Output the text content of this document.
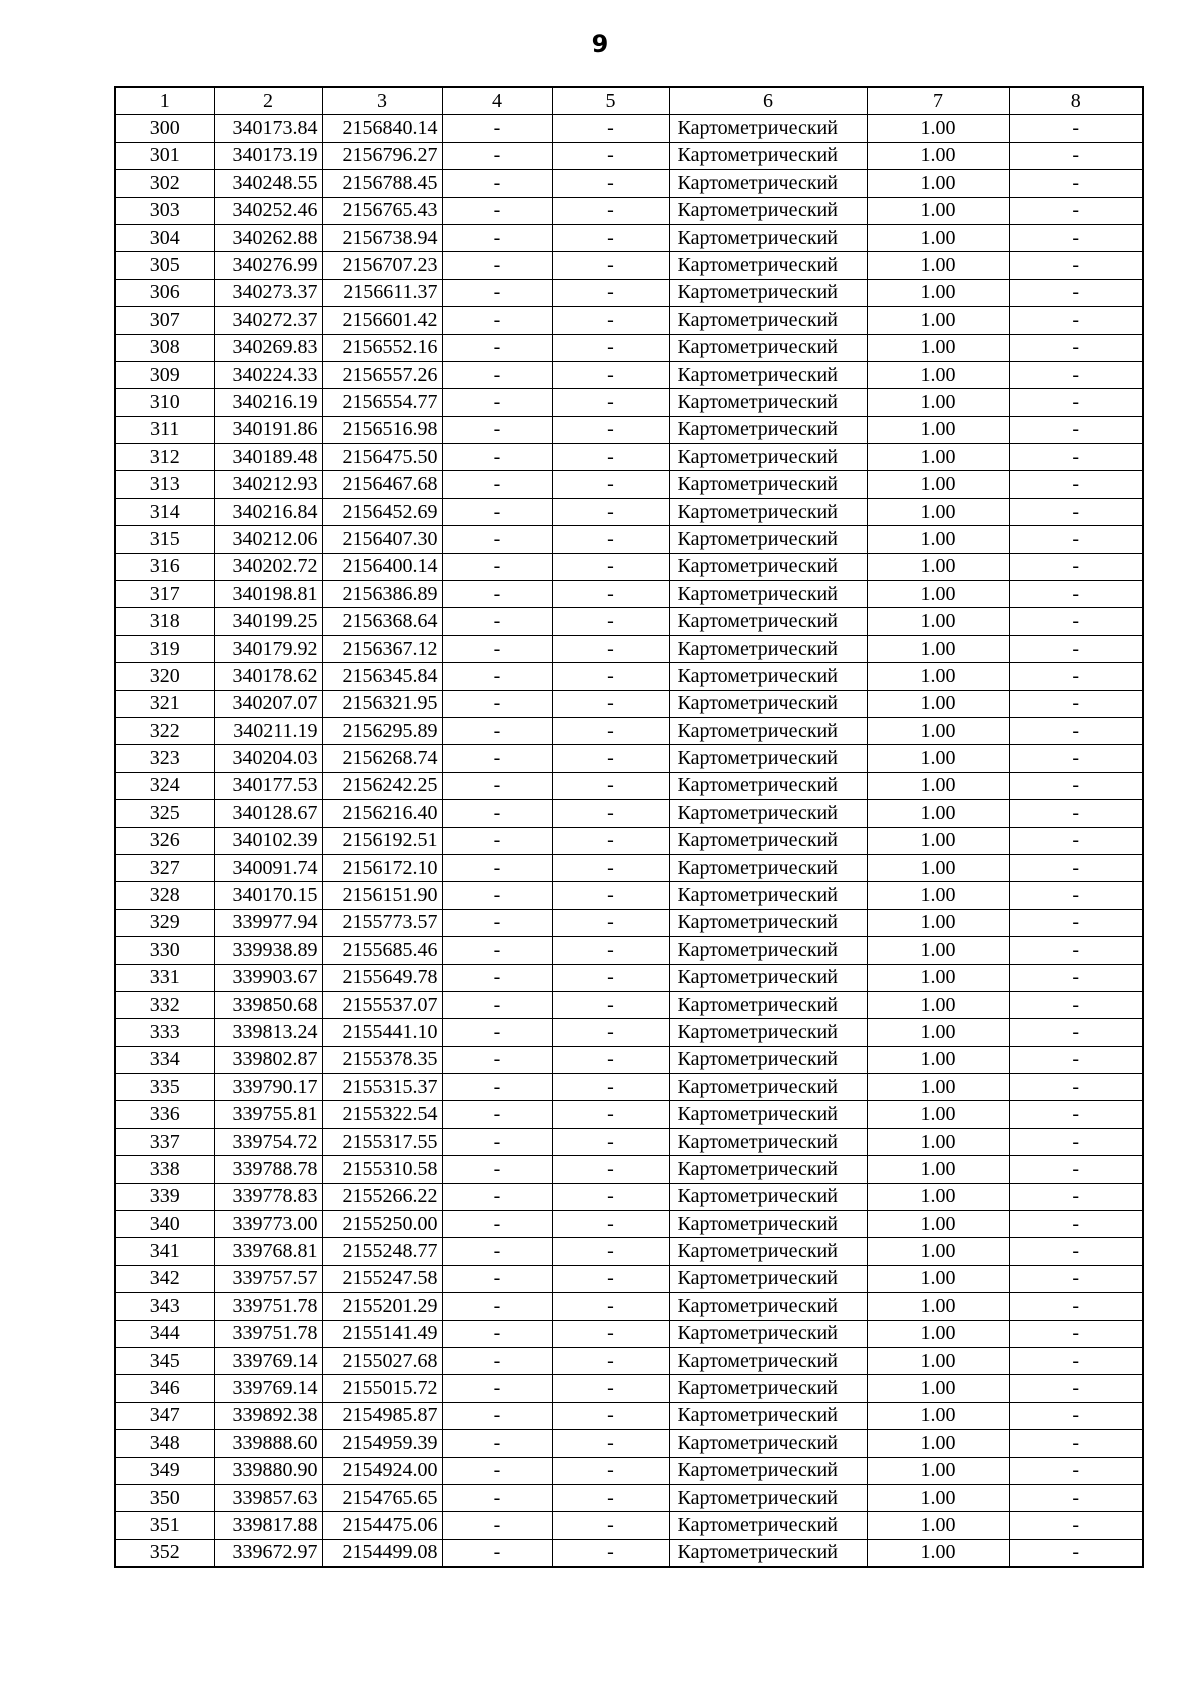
9
1	2	3	4	5	6	7	8
300	340173.84	2156840.14	-	-	Картометрический	1.00	-
301	340173.19	2156796.27	-	-	Картометрический	1.00	-
302	340248.55	2156788.45	-	-	Картометрический	1.00	-
303	340252.46	2156765.43	-	-	Картометрический	1.00	-
304	340262.88	2156738.94	-	-	Картометрический	1.00	-
305	340276.99	2156707.23	-	-	Картометрический	1.00	-
306	340273.37	2156611.37	-	-	Картометрический	1.00	-
307	340272.37	2156601.42	-	-	Картометрический	1.00	-
308	340269.83	2156552.16	-	-	Картометрический	1.00	-
309	340224.33	2156557.26	-	-	Картометрический	1.00	-
310	340216.19	2156554.77	-	-	Картометрический	1.00	-
311	340191.86	2156516.98	-	-	Картометрический	1.00	-
312	340189.48	2156475.50	-	-	Картометрический	1.00	-
313	340212.93	2156467.68	-	-	Картометрический	1.00	-
314	340216.84	2156452.69	-	-	Картометрический	1.00	-
315	340212.06	2156407.30	-	-	Картометрический	1.00	-
316	340202.72	2156400.14	-	-	Картометрический	1.00	-
317	340198.81	2156386.89	-	-	Картометрический	1.00	-
318	340199.25	2156368.64	-	-	Картометрический	1.00	-
319	340179.92	2156367.12	-	-	Картометрический	1.00	-
320	340178.62	2156345.84	-	-	Картометрический	1.00	-
321	340207.07	2156321.95	-	-	Картометрический	1.00	-
322	340211.19	2156295.89	-	-	Картометрический	1.00	-
323	340204.03	2156268.74	-	-	Картометрический	1.00	-
324	340177.53	2156242.25	-	-	Картометрический	1.00	-
325	340128.67	2156216.40	-	-	Картометрический	1.00	-
326	340102.39	2156192.51	-	-	Картометрический	1.00	-
327	340091.74	2156172.10	-	-	Картометрический	1.00	-
328	340170.15	2156151.90	-	-	Картометрический	1.00	-
329	339977.94	2155773.57	-	-	Картометрический	1.00	-
330	339938.89	2155685.46	-	-	Картометрический	1.00	-
331	339903.67	2155649.78	-	-	Картометрический	1.00	-
332	339850.68	2155537.07	-	-	Картометрический	1.00	-
333	339813.24	2155441.10	-	-	Картометрический	1.00	-
334	339802.87	2155378.35	-	-	Картометрический	1.00	-
335	339790.17	2155315.37	-	-	Картометрический	1.00	-
336	339755.81	2155322.54	-	-	Картометрический	1.00	-
337	339754.72	2155317.55	-	-	Картометрический	1.00	-
338	339788.78	2155310.58	-	-	Картометрический	1.00	-
339	339778.83	2155266.22	-	-	Картометрический	1.00	-
340	339773.00	2155250.00	-	-	Картометрический	1.00	-
341	339768.81	2155248.77	-	-	Картометрический	1.00	-
342	339757.57	2155247.58	-	-	Картометрический	1.00	-
343	339751.78	2155201.29	-	-	Картометрический	1.00	-
344	339751.78	2155141.49	-	-	Картометрический	1.00	-
345	339769.14	2155027.68	-	-	Картометрический	1.00	-
346	339769.14	2155015.72	-	-	Картометрический	1.00	-
347	339892.38	2154985.87	-	-	Картометрический	1.00	-
348	339888.60	2154959.39	-	-	Картометрический	1.00	-
349	339880.90	2154924.00	-	-	Картометрический	1.00	-
350	339857.63	2154765.65	-	-	Картометрический	1.00	-
351	339817.88	2154475.06	-	-	Картометрический	1.00	-
352	339672.97	2154499.08	-	-	Картометрический	1.00	-
